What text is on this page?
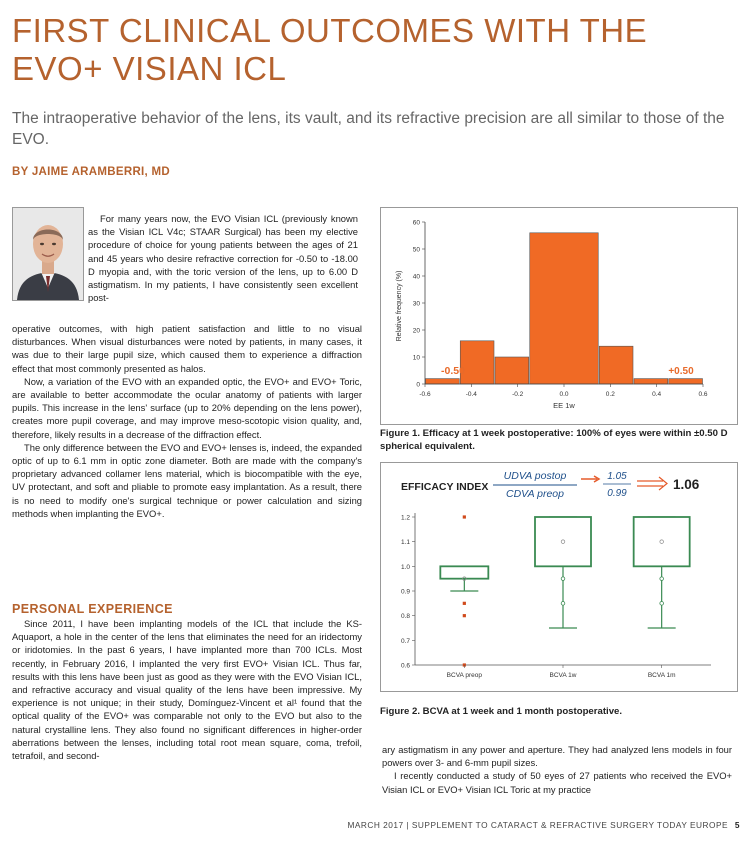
FIRST CLINICAL OUTCOMES WITH THE
EVO+ VISIAN ICL

The intraoperative behavior of the lens, its vault, and its refractive precision are all similar to those of the EVO.

BY JAIME ARAMBERRI, MD

For many years now, the EVO Visian ICL (previously known as the Visian ICL V4c; STAAR Surgical) has been my elective procedure of choice for young patients between the ages of 21 and 45 years who desire refractive correction for -0.50 to -18.00 D myopia and, with the toric version of the lens, up to 6.00 D astigmatism. In my patients, I have consistently seen excellent post-

operative outcomes, with high patient satisfaction and little to no visual disturbances. When visual disturbances were noted by patients, in many cases, it was due to their large pupil size, which caused them to experience a diffraction effect that most commonly presented as halos.

Now, a variation of the EVO with an expanded optic, the EVO+ and EVO+ Toric, are available to better accommodate the ocular anatomy of patients with larger pupils. This increase in the lens' surface (up to 20% depending on the lens power), creates more pupil coverage, and may improve meso-scotopic vision quality, and, therefore, likely results in a decrease of the diffraction effect.

The only difference between the EVO and EVO+ lenses is, indeed, the expanded optic of up to 6.1 mm in optic zone diameter. Both are made with the company's proprietary advanced collamer lens material, which is biocompatible with the eye, UV protectant, and soft and pliable to promote easy implantation. As a result, there is no need to modify one's surgical technique or power calculation and sizing methods when implanting the EVO+.

PERSONAL EXPERIENCE

Since 2011, I have been implanting models of the ICL that include the KS-Aquaport, a hole in the center of the lens that eliminates the need for an iridectomy or iridotomies. In the past 6 years, I have implanted more than 700 ICLs. Most recently, in February 2016, I implanted the very first EVO+ Visian ICL. Thus far, results with this lens have been just as good as they were with the EVO Visian ICL, and refractive accuracy and visual quality of the lens have been impressive. My experience is not unique; in their study, Domínguez-Vincent et al¹ found that the optical quality of the EVO+ was comparable not only to the EVO but also to the natural crystalline lens. They also found no significant differences in higher-order aberrations between the lenses, including total root mean square, coma, trefoil, tetrafoil, and second-

ary astigmatism in any power and aperture. They had analyzed lens models in four powers over 3- and 6-mm pupil sizes.

I recently conducted a study of 50 eyes of 27 patients who received the EVO+ Visian ICL or EVO+ Visian ICL Toric at my practice

0
10
20
30
40
50
60
-0.6	-0.4	-0.2	0.0	0.2	0.4	0.6
Relative frequency (%)
EE 1w
-0.50	+0.50
Figure 1. Efficacy at 1 week postoperative: 100% of eyes were within ±0.50 D spherical equivalent.
EFFICACY INDEX
UDVA postop
CDVA preop
1.05
0.99
1.06
0.6
0.7
0.8
0.9
1.0
1.1
1.2
BCVA preop	BCVA 1w	BCVA 1m
Figure 2. BCVA at 1 week and 1 month postoperative.
MARCH 2017 | SUPPLEMENT TO CATARACT & REFRACTIVE SURGERY TODAY EUROPE 5
